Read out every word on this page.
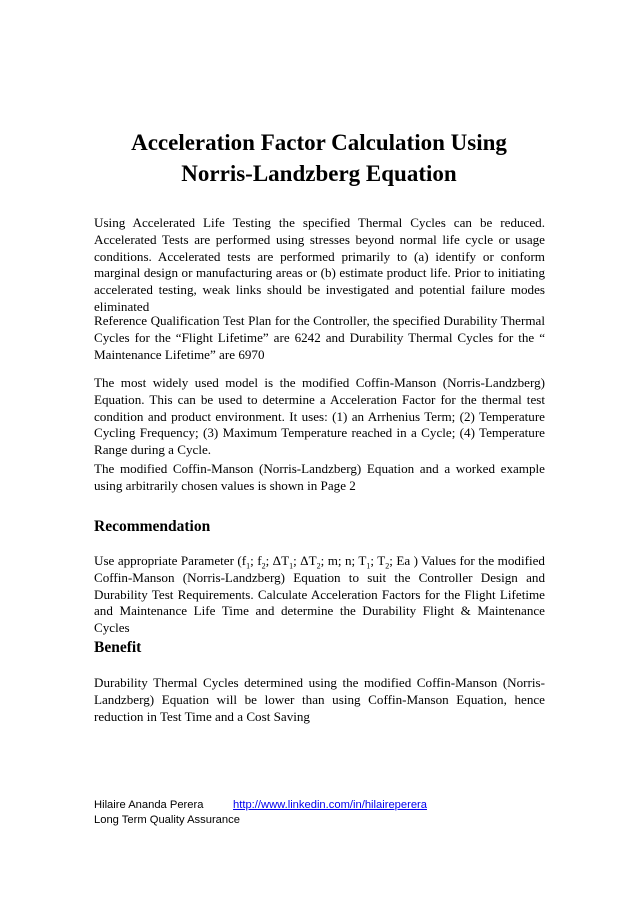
Acceleration Factor Calculation Using
Norris-Landzberg Equation

Using Accelerated Life Testing the specified Thermal Cycles can be reduced. Accelerated Tests are performed using stresses beyond normal life cycle or usage conditions. Accelerated tests are performed primarily to (a) identify or conform marginal design or manufacturing areas or (b) estimate product life. Prior to initiating accelerated testing, weak links should be investigated and potential failure modes eliminated

Reference Qualification Test Plan for the Controller, the specified Durability Thermal Cycles for the “Flight Lifetime” are 6242 and Durability Thermal Cycles for the “ Maintenance Lifetime” are 6970

The most widely used model is the modified Coffin-Manson (Norris-Landzberg) Equation. This can be used to determine a Acceleration Factor for the thermal test condition and product environment. It uses: (1) an Arrhenius Term; (2) Temperature Cycling Frequency; (3) Maximum Temperature reached in a Cycle; (4) Temperature Range during a Cycle.

The modified Coffin-Manson (Norris-Landzberg) Equation and a worked example using arbitrarily chosen values is shown in Page 2

Recommendation

Use appropriate Parameter ($f_1$; $f_2$; $\Delta T_1$; $\Delta T_2$; m; n; $T_1$; $T_2$; Ea ) Values for the modified Coffin-Manson (Norris-Landzberg) Equation to suit the Controller Design and Durability Test Requirements. Calculate Acceleration Factors for the Flight Lifetime and Maintenance Life Time and determine the Durability Flight & Maintenance Cycles

Benefit

Durability Thermal Cycles determined using the modified Coffin-Manson (Norris-Landzberg) Equation will be lower than using Coffin-Manson Equation, hence reduction in Test Time and a Cost Saving

Hilaire Ananda Perera	http://www.linkedin.com/in/hilaireperera
Long Term Quality Assurance
